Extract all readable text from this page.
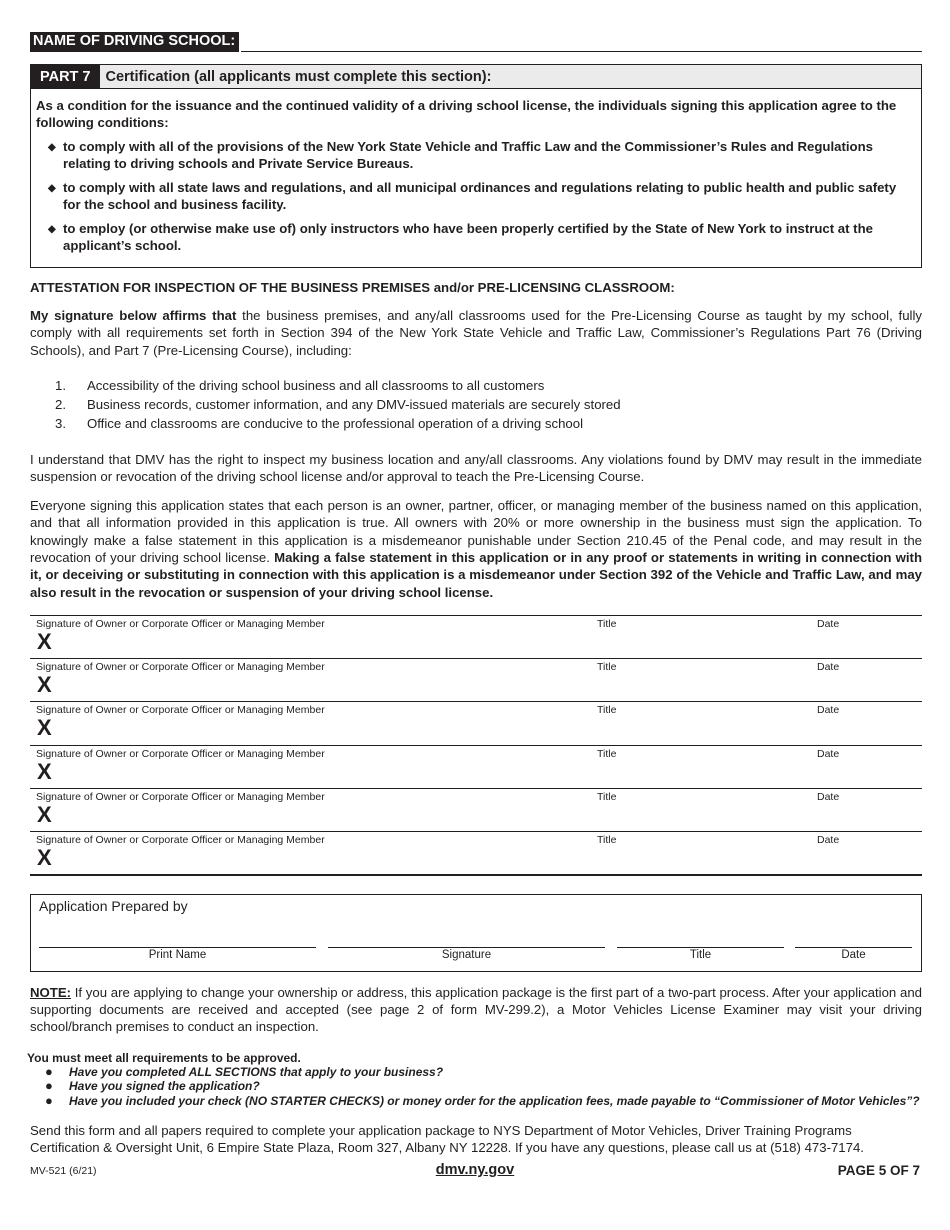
NAME OF DRIVING SCHOOL:
PART 7	Certification (all applicants must complete this section):
As a condition for the issuance and the continued validity of a driving school license, the individuals signing this application agree to the following conditions:
◆ to comply with all of the provisions of the New York State Vehicle and Traffic Law and the Commissioner’s Rules and Regulations relating to driving schools and Private Service Bureaus.
◆ to comply with all state laws and regulations, and all municipal ordinances and regulations relating to public health and public safety for the school and business facility.
◆ to employ (or otherwise make use of) only instructors who have been properly certified by the State of New York to instruct at the applicant’s school.
ATTESTATION FOR INSPECTION OF THE BUSINESS PREMISES and/or PRE-LICENSING CLASSROOM:

My signature below affirms that the business premises, and any/all classrooms used for the Pre-Licensing Course as taught by my school, fully comply with all requirements set forth in Section 394 of the New York State Vehicle and Traffic Law, Commissioner’s Regulations Part 76 (Driving Schools), and Part 7 (Pre-Licensing Course), including:

1.	Accessibility of the driving school business and all classrooms to all customers
2.	Business records, customer information, and any DMV-issued materials are securely stored
3.	Office and classrooms are conducive to the professional operation of a driving school

I understand that DMV has the right to inspect my business location and any/all classrooms. Any violations found by DMV may result in the immediate suspension or revocation of the driving school license and/or approval to teach the Pre-Licensing Course.

Everyone signing this application states that each person is an owner, partner, officer, or managing member of the business named on this application, and that all information provided in this application is true. All owners with 20% or more ownership in the business must sign the application. To knowingly make a false statement in this application is a misdemeanor punishable under Section 210.45 of the Penal code, and may result in the revocation of your driving school license. Making a false statement in this application or in any proof or statements in writing in connection with it, or deceiving or substituting in connection with this application is a misdemeanor under Section 392 of the Vehicle and Traffic Law, and may also result in the revocation or suspension of your driving school license.

Signature of Owner or Corporate Officer or Managing Member	Title	Date
X
Signature of Owner or Corporate Officer or Managing Member	Title	Date
X
Signature of Owner or Corporate Officer or Managing Member	Title	Date
X
Signature of Owner or Corporate Officer or Managing Member	Title	Date
X
Signature of Owner or Corporate Officer or Managing Member	Title	Date
X
Signature of Owner or Corporate Officer or Managing Member	Title	Date
X
Application Prepared by
Print Name	Signature	Title	Date

NOTE: If you are applying to change your ownership or address, this application package is the first part of a two-part process. After your application and supporting documents are received and accepted (see page 2 of form MV-299.2), a Motor Vehicles License Examiner may visit your driving school/branch premises to conduct an inspection.

You must meet all requirements to be approved.
●	Have you completed ALL SECTIONS that apply to your business?
●	Have you signed the application?
●	Have you included your check (NO STARTER CHECKS) or money order for the application fees, made payable to “Commissioner of Motor Vehicles”?

Send this form and all papers required to complete your application package to NYS Department of Motor Vehicles, Driver Training Programs Certification & Oversight Unit, 6 Empire State Plaza, Room 327, Albany NY 12228. If you have any questions, please call us at (518) 473-7174.

MV-521 (6/21)	dmv.ny.gov	PAGE 5 OF 7
